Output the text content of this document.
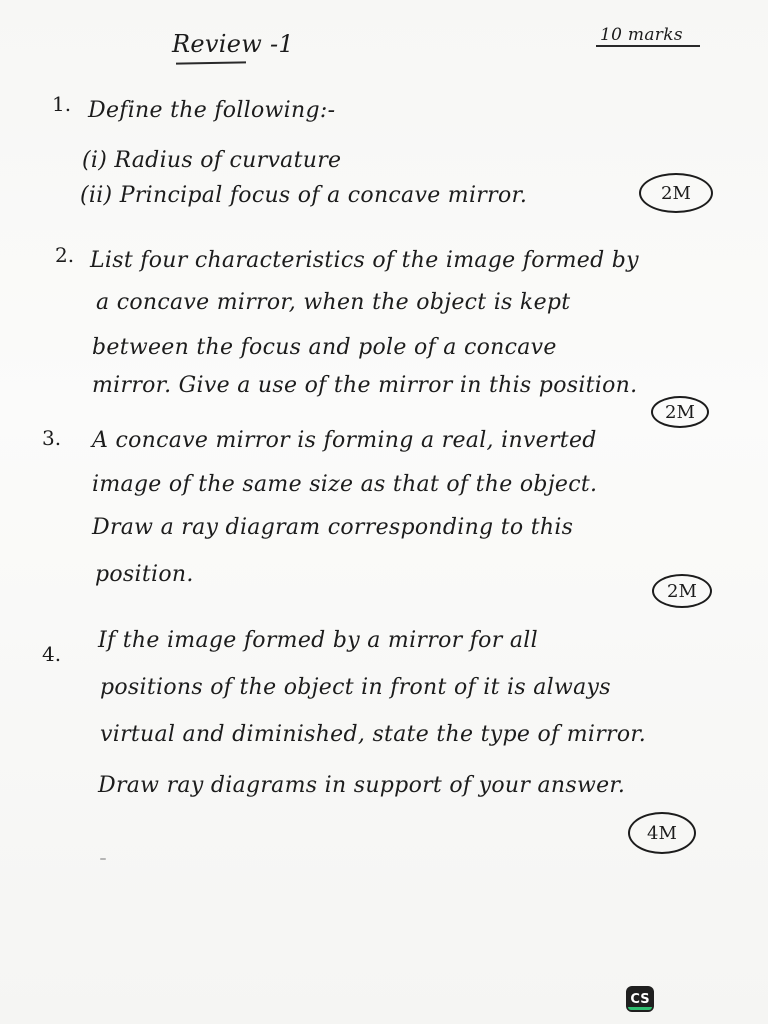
Review -1	10 marks
1. Define the following:-
(i) Radius of curvature
(ii) Principal focus of a concave mirror.	2M
2. List four characteristics of the image formed by
a concave mirror, when the object is kept
between the focus and pole of a concave
mirror. Give a use of the mirror in this position.
2M
3. A concave mirror is forming a real, inverted
image of the same size as that of the object.
Draw a ray diagram corresponding to this
position.
2M
4.
If the image formed by a mirror for all
positions of the object in front of it is always
virtual and diminished, state the type of mirror.
Draw ray diagrams in support of your answer.
4M
CS
